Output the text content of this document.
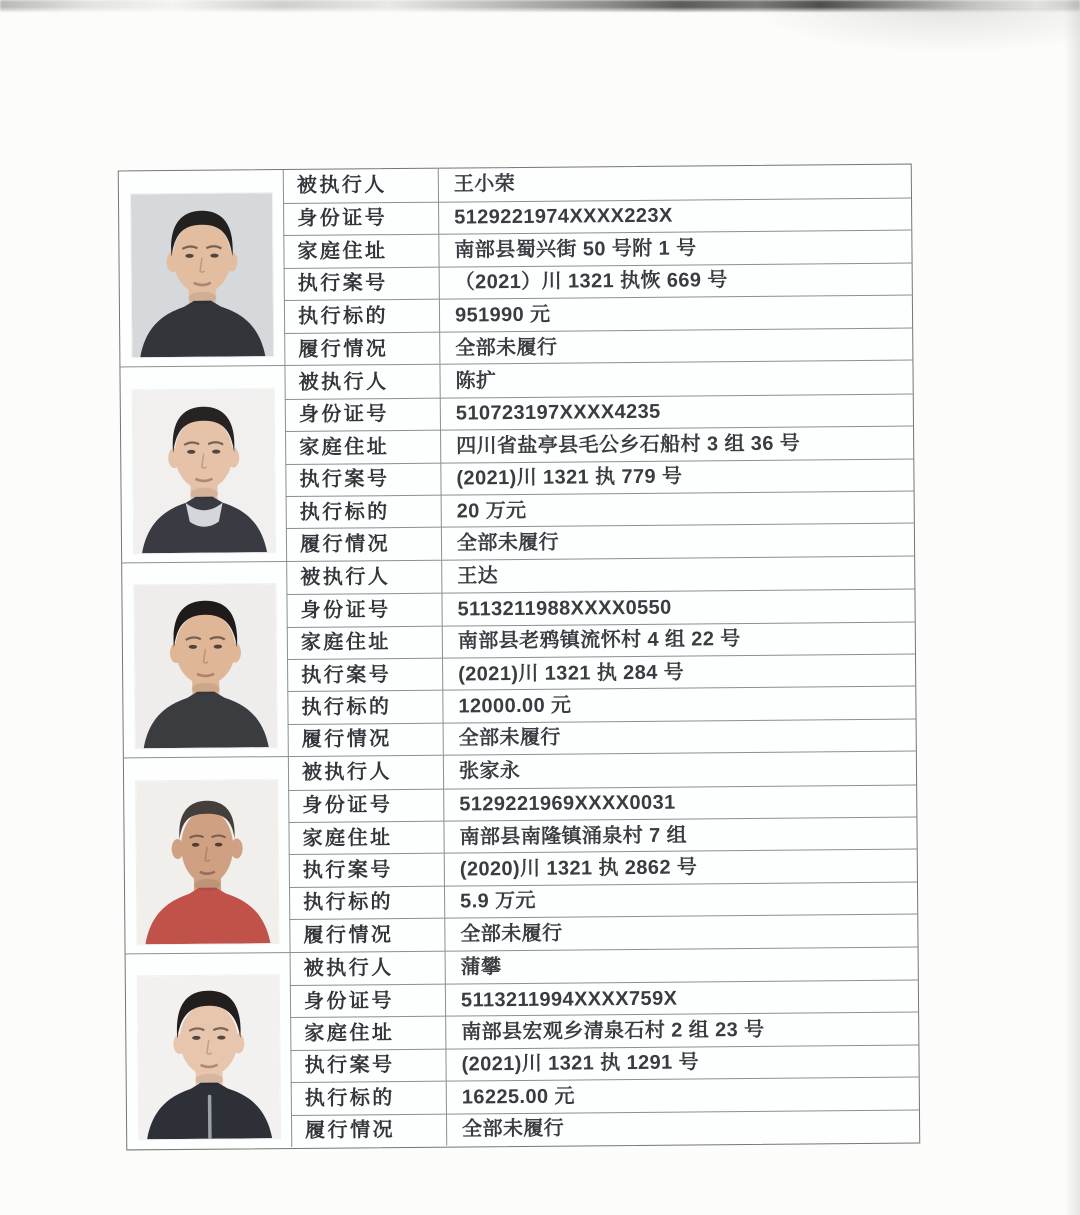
被执行人	王小荣
身份证号	5129221974XXXX223X
家庭住址	南部县蜀兴街 50 号附 1 号
执行案号	（2021）川 1321 执恢 669 号
执行标的	951990 元
履行情况	全部未履行
被执行人	陈扩
身份证号	510723197XXXX4235
家庭住址	四川省盐亭县毛公乡石船村 3 组 36 号
执行案号	(2021)川 1321 执 779 号
执行标的	20 万元
履行情况	全部未履行
被执行人	王达
身份证号	5113211988XXXX0550
家庭住址	南部县老鸦镇流怀村 4 组 22 号
执行案号	(2021)川 1321 执 284 号
执行标的	12000.00 元
履行情况	全部未履行
被执行人	张家永
身份证号	5129221969XXXX0031
家庭住址	南部县南隆镇涌泉村 7 组
执行案号	(2020)川 1321 执 2862 号
执行标的	5.9 万元
履行情况	全部未履行
被执行人	蒲攀
身份证号	5113211994XXXX759X
家庭住址	南部县宏观乡清泉石村 2 组 23 号
执行案号	(2021)川 1321 执 1291 号
执行标的	16225.00 元
履行情况	全部未履行
